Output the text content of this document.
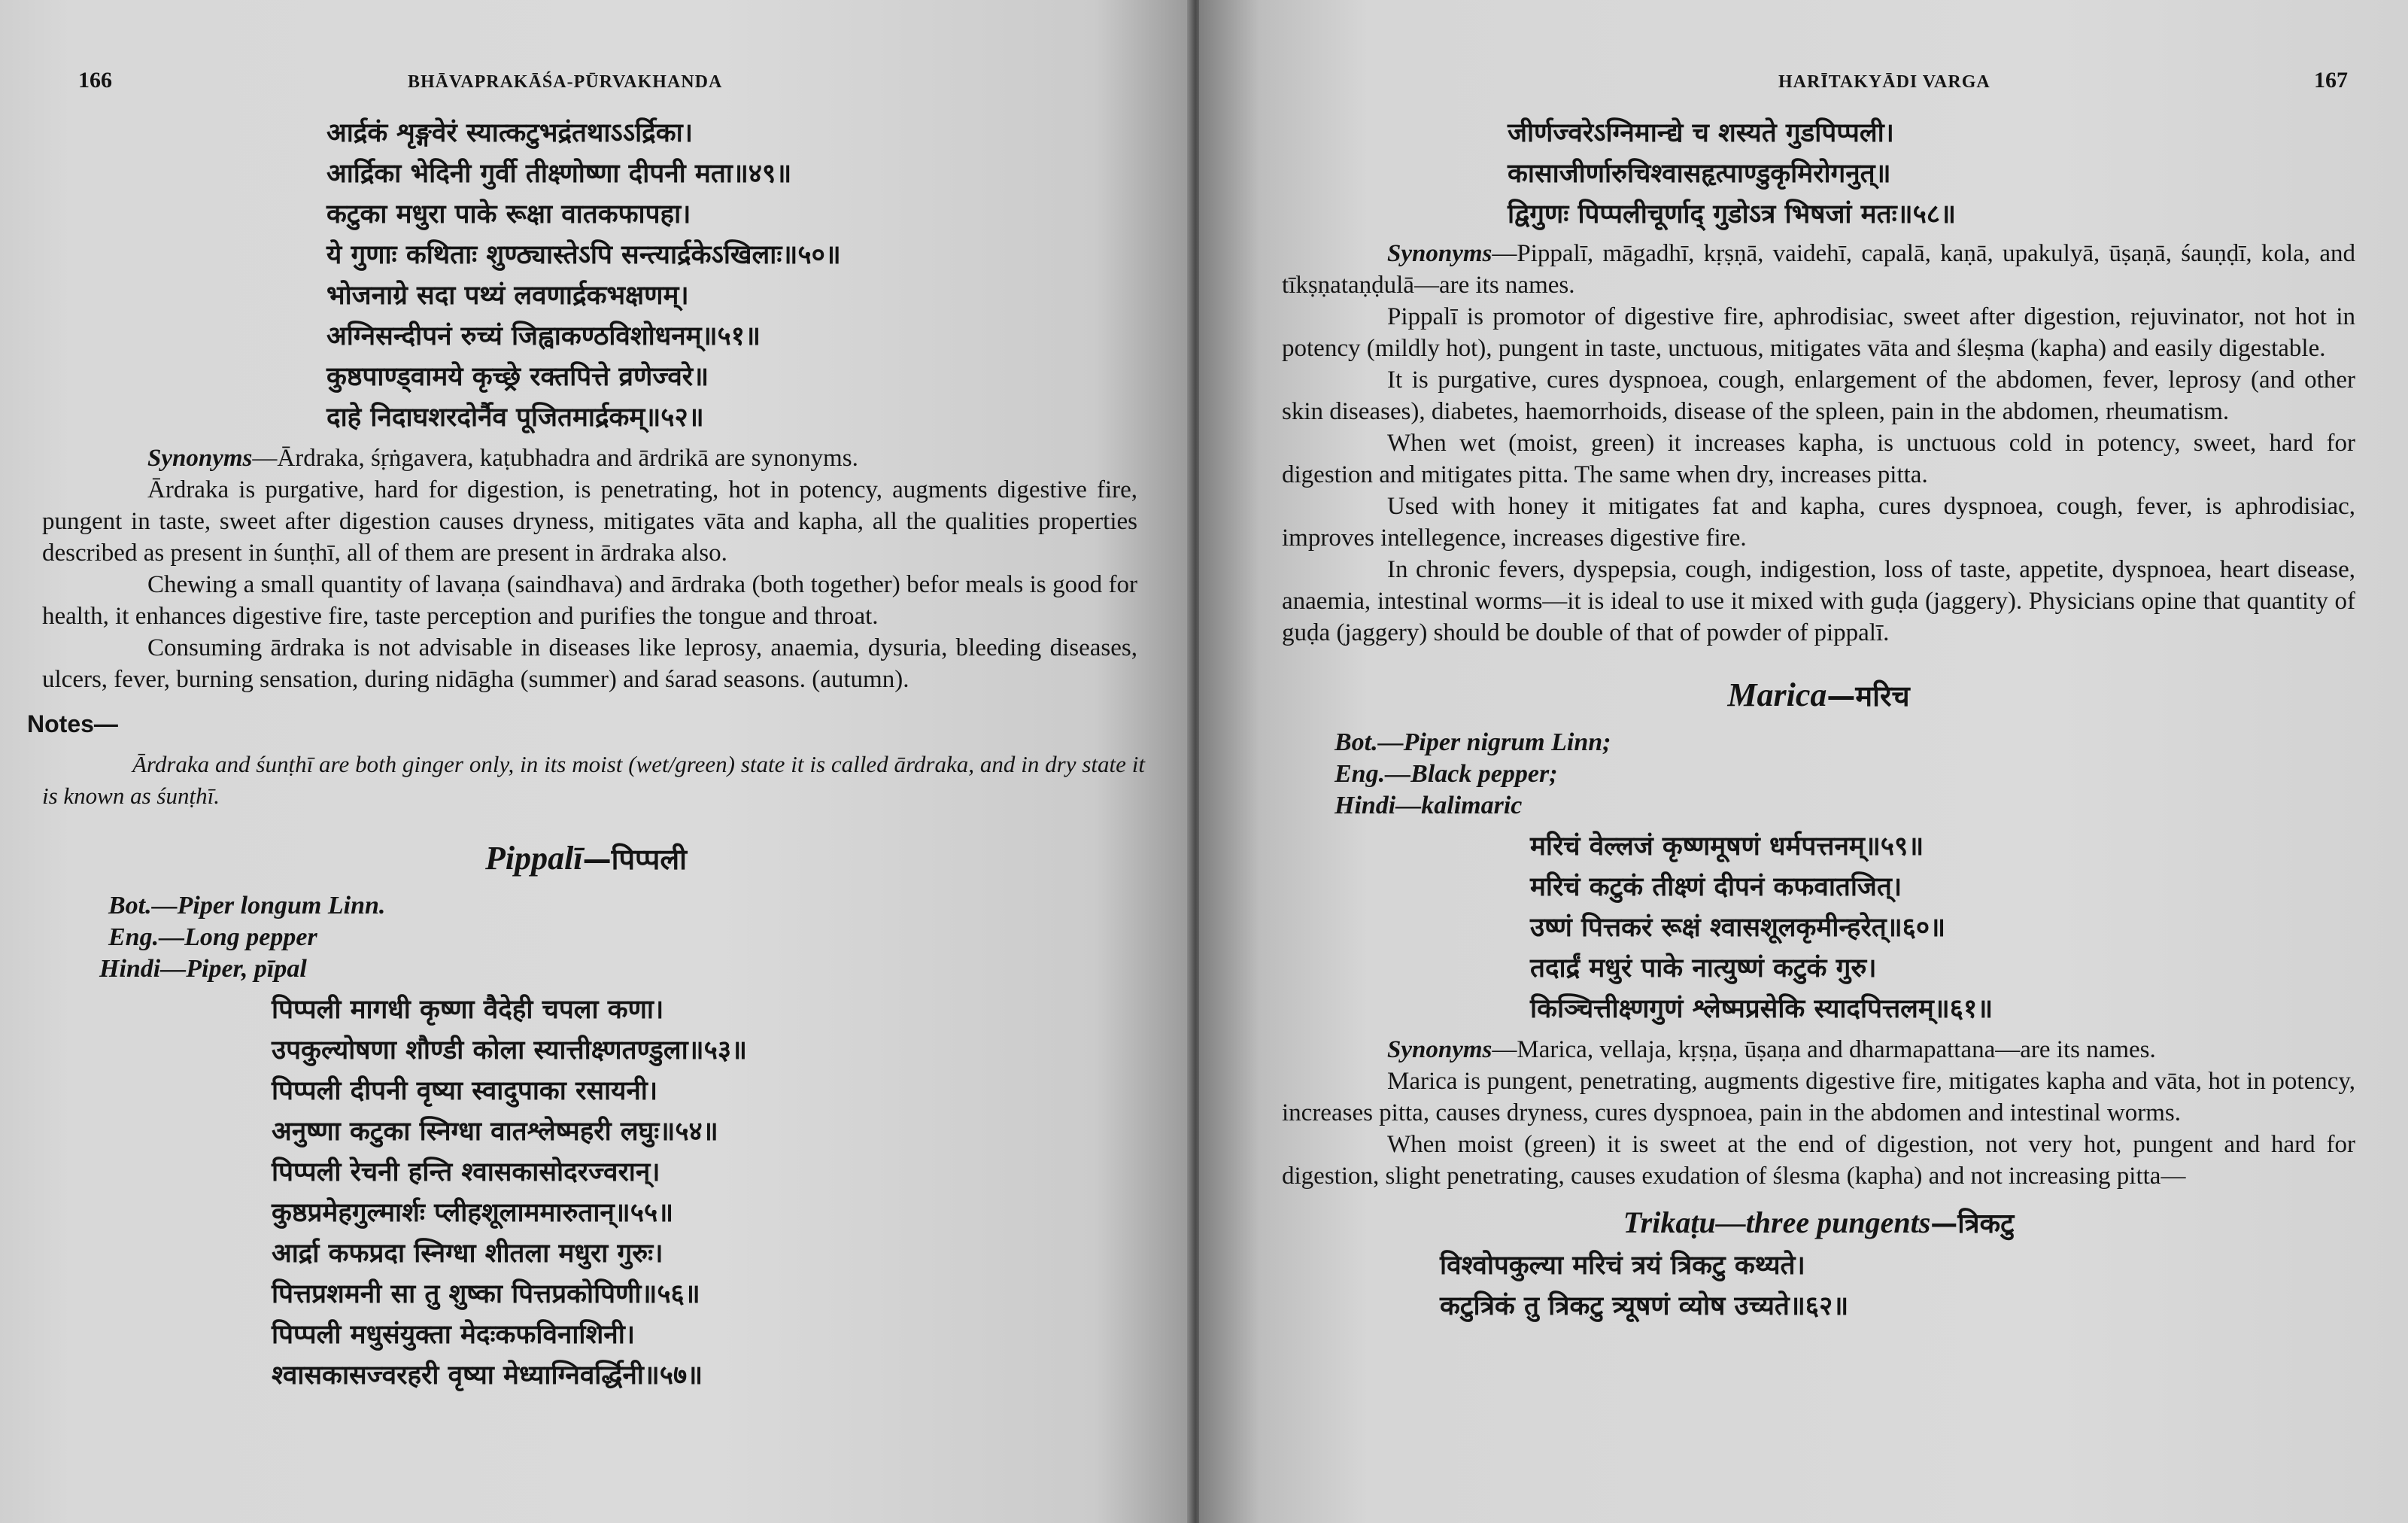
166	BHĀVAPRAKĀŚA-PŪRVAKHANDA
आर्द्रकं शृङ्गवेरं स्यात्कटुभद्रंतथाऽऽर्द्रिका।
आर्द्रिका भेदिनी गुर्वी तीक्ष्णोष्णा दीपनी मता॥४९॥
कटुका मधुरा पाके रूक्षा वातकफापहा।
ये गुणाः कथिताः शुण्ठ्यास्तेऽपि सन्त्यार्द्रकेऽखिलाः॥५०॥
भोजनाग्रे सदा पथ्यं लवणार्द्रकभक्षणम्।
अग्निसन्दीपनं रुच्यं जिह्वाकण्ठविशोधनम्॥५१॥
कुष्ठपाण्ड्वामये कृच्छ्रे रक्तपित्ते व्रणेज्वरे॥
दाहे निदाघशरदोर्नैव पूजितमार्द्रकम्॥५२॥

Synonyms—Ārdraka, śṛṅgavera, kaṭubhadra and ārdrikā are synonyms.

Ārdraka is purgative, hard for digestion, is penetrating, hot in potency, augments digestive fire, pungent in taste, sweet after digestion causes dryness, mitigates vāta and kapha, all the qualities properties described as present in śunṭhī, all of them are present in ārdraka also.

Chewing a small quantity of lavaṇa (saindhava) and ārdraka (both together) befor meals is good for health, it enhances digestive fire, taste perception and purifies the tongue and throat.

Consuming ārdraka is not advisable in diseases like leprosy, anaemia, dysuria, bleeding diseases, ulcers, fever, burning sensation, during nidāgha (summer) and śarad seasons. (autumn).

Notes—

Ārdraka and śunṭhī are both ginger only, in its moist (wet/green) state it is called ārdraka, and in dry state it is known as śunṭhī.

Pippalī—पिप्पली
Bot.—Piper longum Linn.
Eng.—Long pepper
Hindi—Piper, pīpal
पिप्पली मागधी कृष्णा वैदेही चपला कणा।
उपकुल्योषणा शौण्डी कोला स्यात्तीक्ष्णतण्डुला॥५३॥
पिप्पली दीपनी वृष्या स्वादुपाका रसायनी।
अनुष्णा कटुका स्निग्धा वातश्लेष्महरी लघुः॥५४॥
पिप्पली रेचनी हन्ति श्वासकासोदरज्वरान्।
कुष्ठप्रमेहगुल्मार्शः प्लीहशूलाममारुतान्॥५५॥
आर्द्रा कफप्रदा स्निग्धा शीतला मधुरा गुरुः।
पित्तप्रशमनी सा तु शुष्का पित्तप्रकोपिणी॥५६॥
पिप्पली मधुसंयुक्ता मेदःकफविनाशिनी।
श्वासकासज्वरहरी वृष्या मेध्याग्निवर्द्धिनी॥५७॥
HARĪTAKYĀDI VARGA	167
जीर्णज्वरेऽग्निमान्द्ये च शस्यते गुडपिप्पली।
कासाजीर्णारुचिश्वासहृत्पाण्डुकृमिरोगनुत्॥
द्विगुणः पिप्पलीचूर्णाद् गुडोऽत्र भिषजां मतः॥५८॥

Synonyms—Pippalī, māgadhī, kṛṣṇā, vaidehī, capalā, kaṇā, upakulyā, ūṣaṇā, śauṇḍī, kola, and tīkṣṇataṇḍulā—are its names.

Pippalī is promotor of digestive fire, aphrodisiac, sweet after digestion, rejuvinator, not hot in potency (mildly hot), pungent in taste, unctuous, mitigates vāta and śleṣma (kapha) and easily digestable.

It is purgative, cures dyspnoea, cough, enlargement of the abdomen, fever, leprosy (and other skin diseases), diabetes, haemorrhoids, disease of the spleen, pain in the abdomen, rheumatism.

When wet (moist, green) it increases kapha, is unctuous cold in potency, sweet, hard for digestion and mitigates pitta. The same when dry, increases pitta.

Used with honey it mitigates fat and kapha, cures dyspnoea, cough, fever, is aphrodisiac, improves intellegence, increases digestive fire.

In chronic fevers, dyspepsia, cough, indigestion, loss of taste, appetite, dyspnoea, heart disease, anaemia, intestinal worms—it is ideal to use it mixed with guḍa (jaggery). Physicians opine that quantity of guḍa (jaggery) should be double of that of powder of pippalī.

Marica—मरिच
Bot.—Piper nigrum Linn;
Eng.—Black pepper;
Hindi—kalimaric
मरिचं वेल्लजं कृष्णमूषणं धर्मपत्तनम्॥५९॥
मरिचं कटुकं तीक्ष्णं दीपनं कफवातजित्।
उष्णं पित्तकरं रूक्षं श्वासशूलकृमीन्हरेत्॥६०॥
तदार्द्रं मधुरं पाके नात्युष्णं कटुकं गुरु।
किञ्चित्तीक्ष्णगुणं श्लेष्मप्रसेकि स्यादपित्तलम्॥६१॥

Synonyms—Marica, vellaja, kṛṣṇa, ūṣaṇa and dharmapattana—are its names.

Marica is pungent, penetrating, augments digestive fire, mitigates kapha and vāta, hot in potency, increases pitta, causes dryness, cures dyspnoea, pain in the abdomen and intestinal worms.

When moist (green) it is sweet at the end of digestion, not very hot, pungent and hard for digestion, slight penetrating, causes exudation of ślesma (kapha) and not increasing pitta—

Trikaṭu—three pungents—त्रिकटु
विश्वोपकुल्या मरिचं त्रयं त्रिकटु कथ्यते।
कटुत्रिकं तु त्रिकटु त्र्यूषणं व्योष उच्यते॥६२॥
